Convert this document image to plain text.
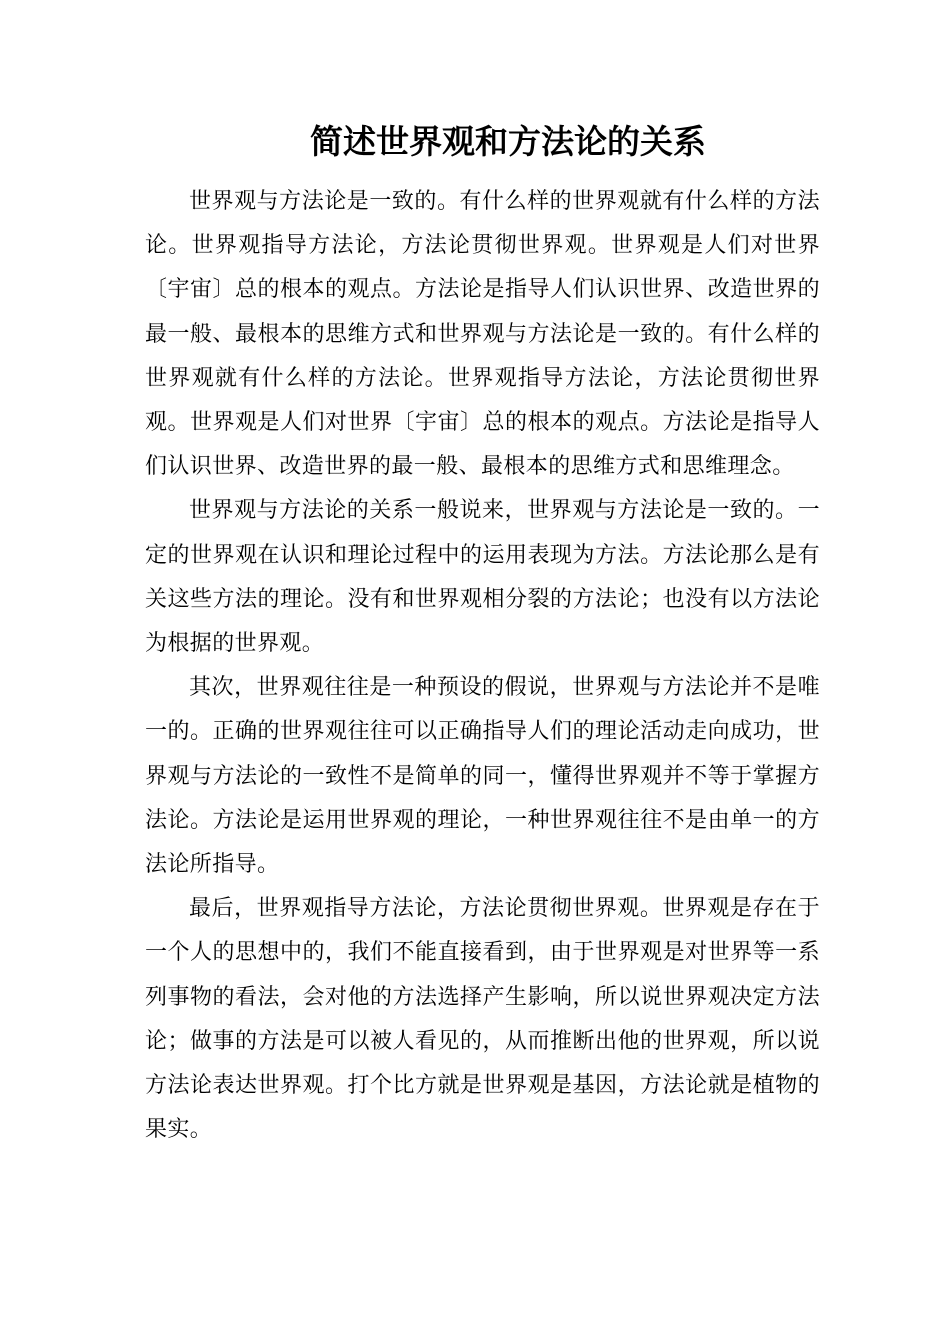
简述世界观和方法论的关系

世界观与方法论是一致的。有什么样的世界观就有什么样的方法论。世界观指导方法论，方法论贯彻世界观。世界观是人们对世界〔宇宙〕总的根本的观点。方法论是指导人们认识世界、改造世界的最一般、最根本的思维方式和世界观与方法论是一致的。有什么样的世界观就有什么样的方法论。世界观指导方法论，方法论贯彻世界观。世界观是人们对世界〔宇宙〕总的根本的观点。方法论是指导人们认识世界、改造世界的最一般、最根本的思维方式和思维理念。

世界观与方法论的关系一般说来，世界观与方法论是一致的。一定的世界观在认识和理论过程中的运用表现为方法。方法论那么是有关这些方法的理论。没有和世界观相分裂的方法论；也没有以方法论为根据的世界观。

其次，世界观往往是一种预设的假说，世界观与方法论并不是唯一的。正确的世界观往往可以正确指导人们的理论活动走向成功，世界观与方法论的一致性不是简单的同一，懂得世界观并不等于掌握方法论。方法论是运用世界观的理论，一种世界观往往不是由单一的方法论所指导。

最后，世界观指导方法论，方法论贯彻世界观。世界观是存在于一个人的思想中的，我们不能直接看到，由于世界观是对世界等一系列事物的看法，会对他的方法选择产生影响，所以说世界观决定方法论；做事的方法是可以被人看见的，从而推断出他的世界观，所以说方法论表达世界观。打个比方就是世界观是基因，方法论就是植物的果实。
